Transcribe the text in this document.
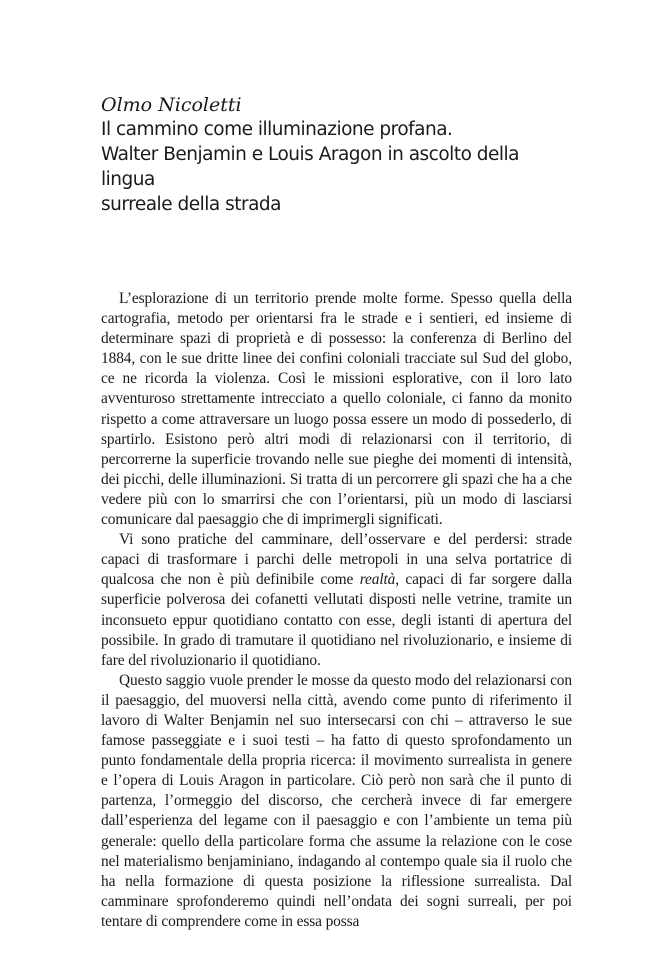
Olmo Nicoletti

Il cammino come illuminazione profana.
Walter Benjamin e Louis Aragon in ascolto della lingua
surreale della strada

L’esplorazione di un territorio prende molte forme. Spesso quella della cartografia, metodo per orientarsi fra le strade e i sentieri, ed insieme di determinare spazi di proprietà e di possesso: la conferenza di Berlino del 1884, con le sue dritte linee dei confini coloniali tracciate sul Sud del globo, ce ne ricorda la violenza. Così le missioni esplorative, con il loro lato avventuroso strettamente intrecciato a quello coloniale, ci fanno da monito rispetto a come attraversare un luogo possa essere un modo di possederlo, di spartirlo. Esistono però altri modi di relazionarsi con il territorio, di percorrerne la superficie trovando nelle sue pieghe dei momenti di intensità, dei picchi, delle illuminazioni. Si tratta di un percorrere gli spazi che ha a che vedere più con lo smarrirsi che con l’orientarsi, più un modo di lasciarsi comunicare dal paesaggio che di imprimergli significati.

Vi sono pratiche del camminare, dell’osservare e del perdersi: strade capaci di trasformare i parchi delle metropoli in una selva portatrice di qualcosa che non è più definibile come realtà, capaci di far sorgere dalla superficie polverosa dei cofanetti vellutati disposti nelle vetrine, tramite un inconsueto eppur quotidiano contatto con esse, degli istanti di apertura del possibile. In grado di tramutare il quotidiano nel rivoluzionario, e insieme di fare del rivoluzionario il quotidiano.

Questo saggio vuole prender le mosse da questo modo del relazionarsi con il paesaggio, del muoversi nella città, avendo come punto di riferimento il lavoro di Walter Benjamin nel suo intersecarsi con chi – attraverso le sue famose passeggiate e i suoi testi – ha fatto di questo sprofondamento un punto fondamentale della propria ricerca: il movimento surrealista in genere e l’opera di Louis Aragon in particolare. Ciò però non sarà che il punto di partenza, l’ormeggio del discorso, che cercherà invece di far emergere dall’esperienza del legame con il paesaggio e con l’ambiente un tema più generale: quello della particolare forma che assume la relazione con le cose nel materialismo benjaminiano, indagando al contempo quale sia il ruolo che ha nella formazione di questa posizione la riflessione surrealista. Dal camminare sprofonderemo quindi nell’ondata dei sogni surreali, per poi tentare di comprendere come in essa possa
